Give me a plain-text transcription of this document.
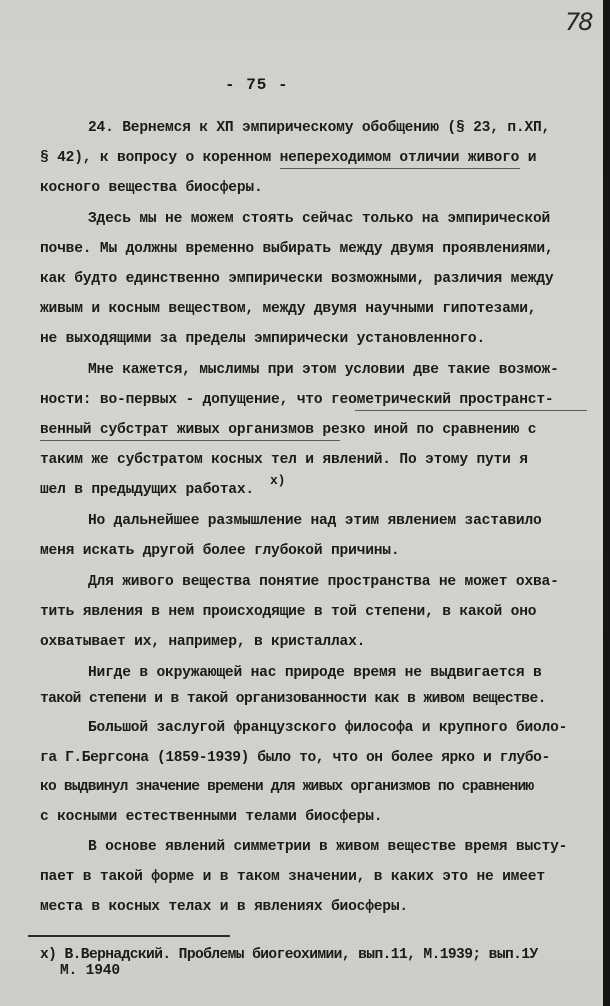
78
- 75 -
24. Вернемся к ХП эмпирическому обобщению (§ 23, п.ХП,
§ 42), к вопросу о коренном непереходимом отличии живого и
косного вещества биосферы.
Здесь мы не можем стоять сейчас только на эмпирической
почве. Мы должны временно выбирать между двумя проявлениями,
как будто единственно эмпирически возможными, различия между
живым и косным веществом, между двумя научными гипотезами,
не выходящими за пределы эмпирически установленного.
Мне кажется, мыслимы при этом условии две такие возмож-
ности: во-первых - допущение, что геометрический пространст-
венный субстрат живых организмов резко иной по сравнению с
таким же субстратом косных тел и явлений. По этому пути я
шел в предыдущих работах.
х)
Но дальнейшее размышление над этим явлением заставило
меня искать другой более глубокой причины.
Для живого вещества понятие пространства не может охва-
тить явления в нем происходящие в той степени, в какой оно
охватывает их, например, в кристаллах.
Нигде в окружающей нас природе время не выдвигается в
такой степени и в такой организованности как в живом веществе.
Большой заслугой французского философа и крупного биоло-
га Г.Бергсона (1859-1939) было то, что он более ярко и глубо-
ко выдвинул значение времени для живых организмов по сравнению
с косными естественными телами биосферы.
В основе явлений симметрии в живом веществе время высту-
пает в такой форме и в таком значении, в каких это не имеет
места в косных телах и в явлениях биосферы.
х) В.Вернадский. Проблемы биогеохимии, вып.11, М.1939; вып.1У
М. 1940
